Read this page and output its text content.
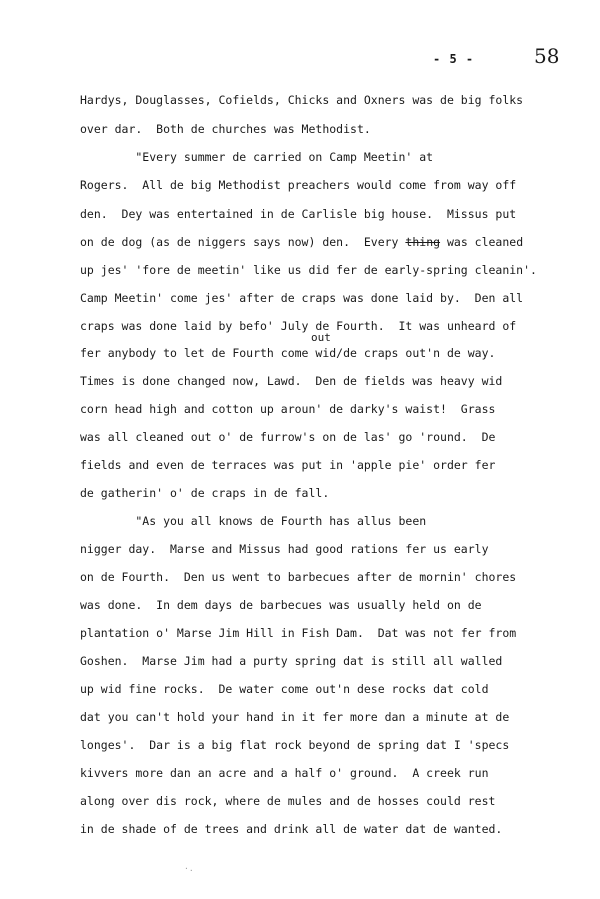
- 5 -	58
Hardys, Douglasses, Cofields, Chicks and Oxners was de big folks
over dar.  Both de churches was Methodist.
"Every summer de carried on Camp Meetin' at
Rogers.  All de big Methodist preachers would come from way off
den.  Dey was entertained in de Carlisle big house.  Missus put
on de dog (as de niggers says now) den.  Every thing was cleaned
up jes' 'fore de meetin' like us did fer de early-spring cleanin'.
Camp Meetin' come jes' after de craps was done laid by.  Den all
craps was done laid by befo' July de Fourth.  It was unheard of
out
fer anybody to let de Fourth come wid/de craps out'n de way.
Times is done changed now, Lawd.  Den de fields was heavy wid
corn head high and cotton up aroun' de darky's waist!  Grass
was all cleaned out o' de furrow's on de las' go 'round.  De
fields and even de terraces was put in 'apple pie' order fer
de gatherin' o' de craps in de fall.
"As you all knows de Fourth has allus been
nigger day.  Marse and Missus had good rations fer us early
on de Fourth.  Den us went to barbecues after de mornin' chores
was done.  In dem days de barbecues was usually held on de
plantation o' Marse Jim Hill in Fish Dam.  Dat was not fer from
Goshen.  Marse Jim had a purty spring dat is still all walled
up wid fine rocks.  De water come out'n dese rocks dat cold
dat you can't hold your hand in it fer more dan a minute at de
longes'.  Dar is a big flat rock beyond de spring dat I 'specs
kivvers more dan an acre and a half o' ground.  A creek run
along over dis rock, where de mules and de hosses could rest
in de shade of de trees and drink all de water dat de wanted.
·.
